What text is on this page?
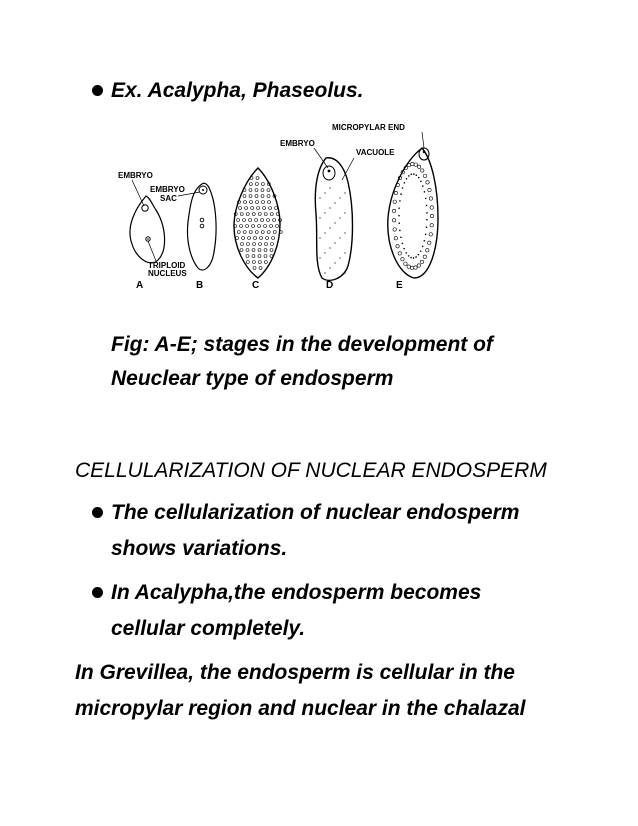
Ex. Acalypha, Phaseolus.
MICROPYLAR END
EMBRYO
VACUOLE
EMBRYO
EMBRYO
SAC
TRIPLOID
NUCLEUS
A	B	C	D	E
Fig: A-E; stages in the development of
Neuclear type of endosperm
CELLULARIZATION OF NUCLEAR ENDOSPERM
The cellularization of nuclear endosperm
shows variations.
In Acalypha,the endosperm becomes
cellular completely.
In Grevillea, the endosperm is cellular in the
micropylar region and nuclear in the chalazal
